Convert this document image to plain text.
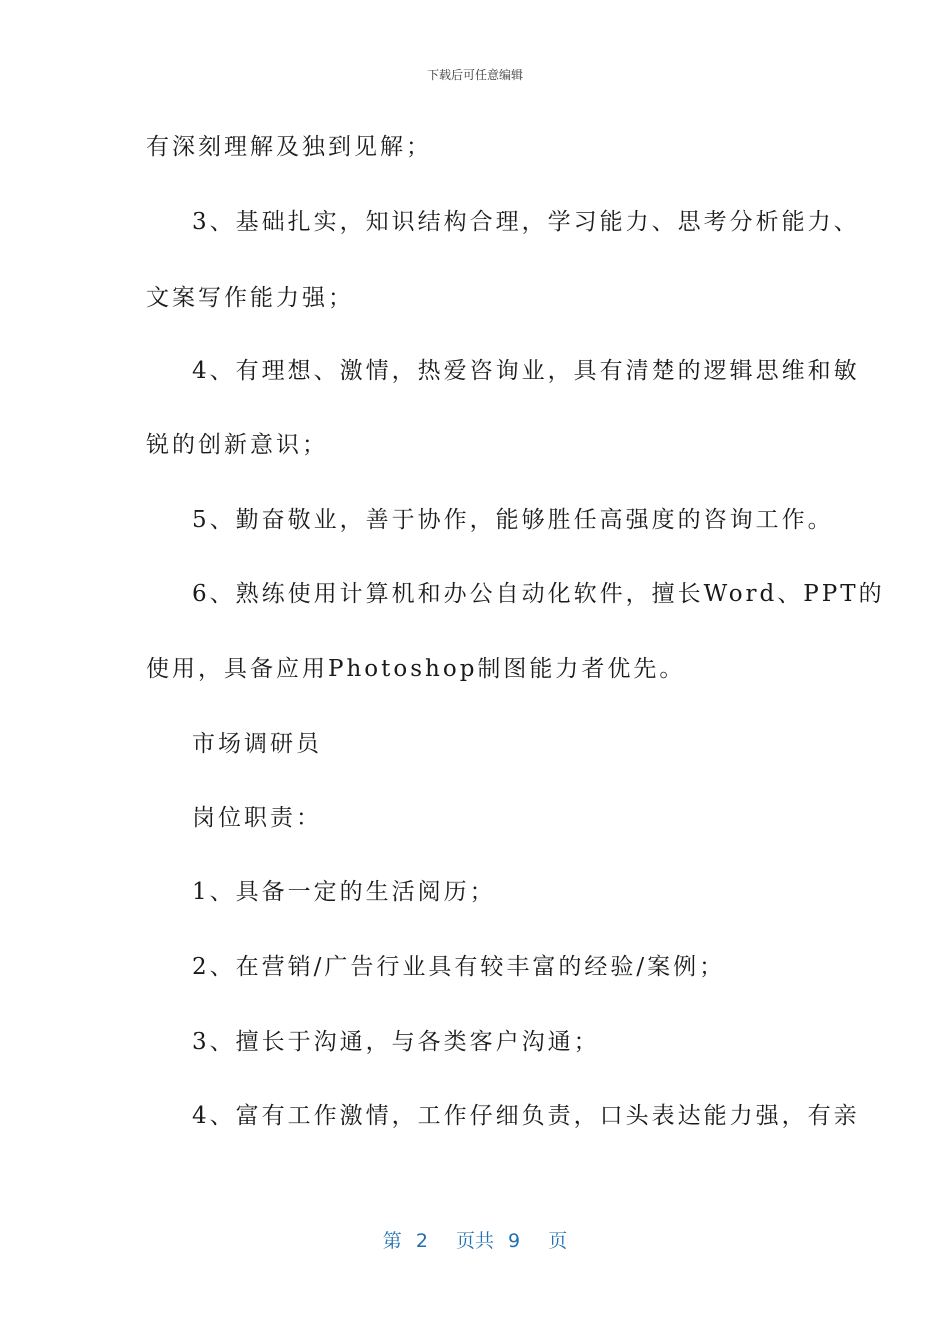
下载后可任意编辑
有深刻理解及独到见解；
3、基础扎实，知识结构合理，学习能力、思考分析能力、
文案写作能力强；
4、有理想、激情，热爱咨询业，具有清楚的逻辑思维和敏
锐的创新意识；
5、勤奋敬业，善于协作，能够胜任高强度的咨询工作。
6、熟练使用计算机和办公自动化软件，擅长Word、PPT的
使用，具备应用Photoshop制图能力者优先。
市场调研员
岗位职责：
1、具备一定的生活阅历；
2、在营销/广告行业具有较丰富的经验/案例；
3、擅长于沟通，与各类客户沟通；
4、富有工作激情，工作仔细负责，口头表达能力强，有亲
第 2  页共 9  页
